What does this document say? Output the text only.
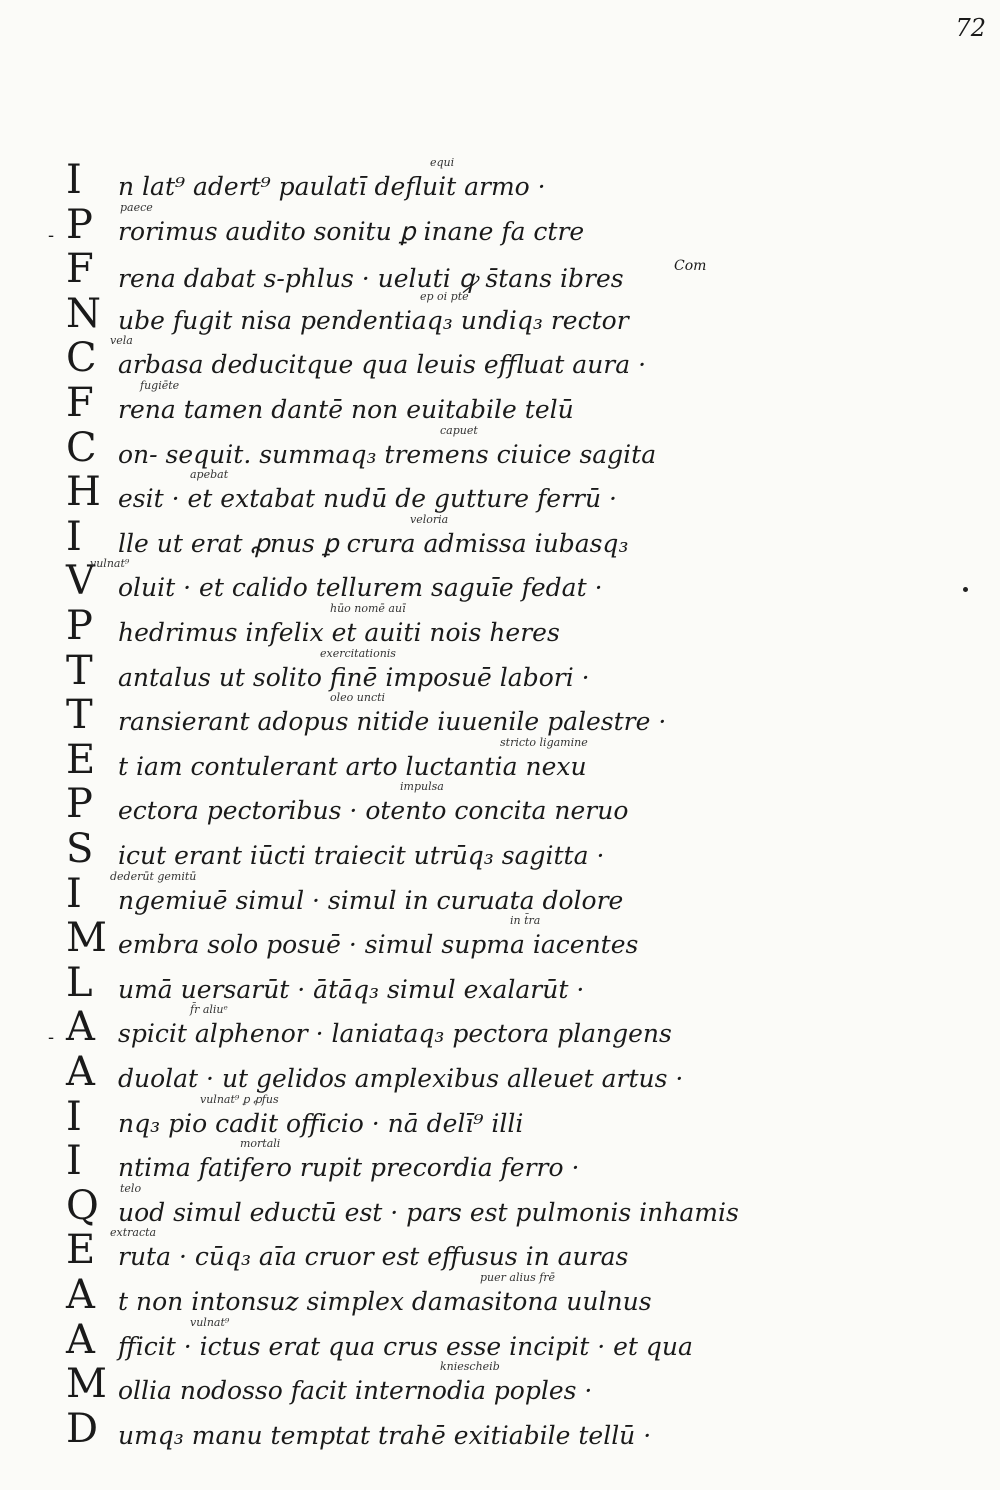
72
Com
I n lat⁹ adert⁹ paulatī defluit armo ·
equi
P rorimus audito sonitu ꝑ inane fa ctre
paece
-
F rena dabat s-phlus · ueluti ꝙ s̄tans ibres
N ube fugit nisa pendentiaq₃ undiq₃ rector
ep oi pte
C arbasa deducitque qua leuis effluat aura ·
vela
F rena tamen dantē non euitabile telū
fugiēte
C on- sequit. summaq₃ tremens ciuice sagita
capuet
H esit · et extabat nudū de gutture ferrū ·
apebat
I lle ut erat ꝓnus ꝑ crura admissa iubasq₃
veloria
V oluit · et calido tellurem saguīe fedat ·
vulnat⁹
P hedrimus infelix et auiti nois heres
hūo nomē auī
T antalus ut solito finē imposuē labori ·
exercitationis
T ransierant adopus nitide iuuenile palestre ·
oleo uncti
E t iam contulerant arto luctantia nexu
stricto ligamine
P ectora pectoribus · otento concita neruo
impulsa
S icut erant iūcti traiecit utrūq₃ sagitta ·
I ngemiuē simul · simul in curuata dolore
dederūt gemitū
M embra solo posuē · simul supma iacentes
in t̄ra
L umā uersarūt · ātāq₃ simul exalarūt ·
A spicit alphenor · laniataq₃ pectora plangens
f̄r aliuᵉ
-
A duolat · ut gelidos amplexibus alleuet artus ·
I nq₃ pio cadit officio · nā delī⁹ illi
vulnat⁹ ꝑ ꝓfus
I ntima fatifero rupit precordia ferro ·
mortali
Q uod simul eductū est · pars est pulmonis inhamis
telo
E ruta · cūq₃ aīa cruor est effusus in auras
extracta
A t non intonsuz simplex damasitona uulnus
puer alius frē
A fficit · ictus erat qua crus esse incipit · et qua
vulnat⁹
M ollia nodosso facit internodia poples ·
kniescheib
D umq₃ manu temptat trahē exitiabile tellū ·
